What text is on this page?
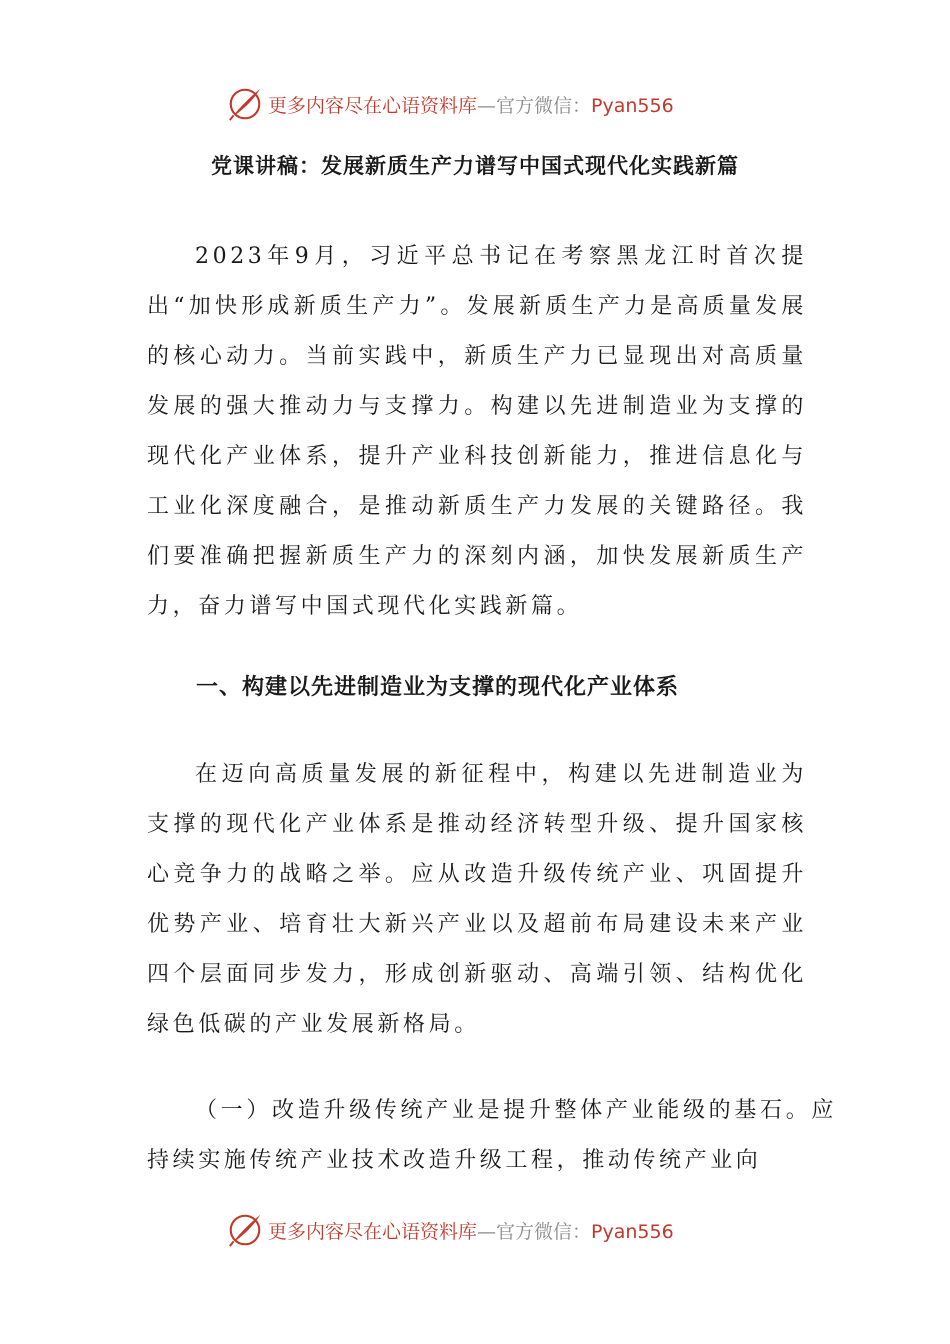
更多内容尽在心语资料库—官方微信：Pyan556
党课讲稿：发展新质生产力谱写中国式现代化实践新篇

2023年9月，习近平总书记在考察黑龙江时首次提出“加快形成新质生产力”。发展新质生产力是高质量发展的核心动力。当前实践中，新质生产力已显现出对高质量发展的强大推动力与支撑力。构建以先进制造业为支撑的现代化产业体系，提升产业科技创新能力，推进信息化与工业化深度融合，是推动新质生产力发展的关键路径。我们要准确把握新质生产力的深刻内涵，加快发展新质生产力，奋力谱写中国式现代化实践新篇。

一、构建以先进制造业为支撑的现代化产业体系

在迈向高质量发展的新征程中，构建以先进制造业为支撑的现代化产业体系是推动经济转型升级、提升国家核心竞争力的战略之举。应从改造升级传统产业、巩固提升优势产业、培育壮大新兴产业以及超前布局建设未来产业四个层面同步发力，形成创新驱动、高端引领、结构优化绿色低碳的产业发展新格局。

（一）改造升级传统产业是提升整体产业能级的基石。应持续实施传统产业技术改造升级工程，推动传统产业向

更多内容尽在心语资料库—官方微信：Pyan556
